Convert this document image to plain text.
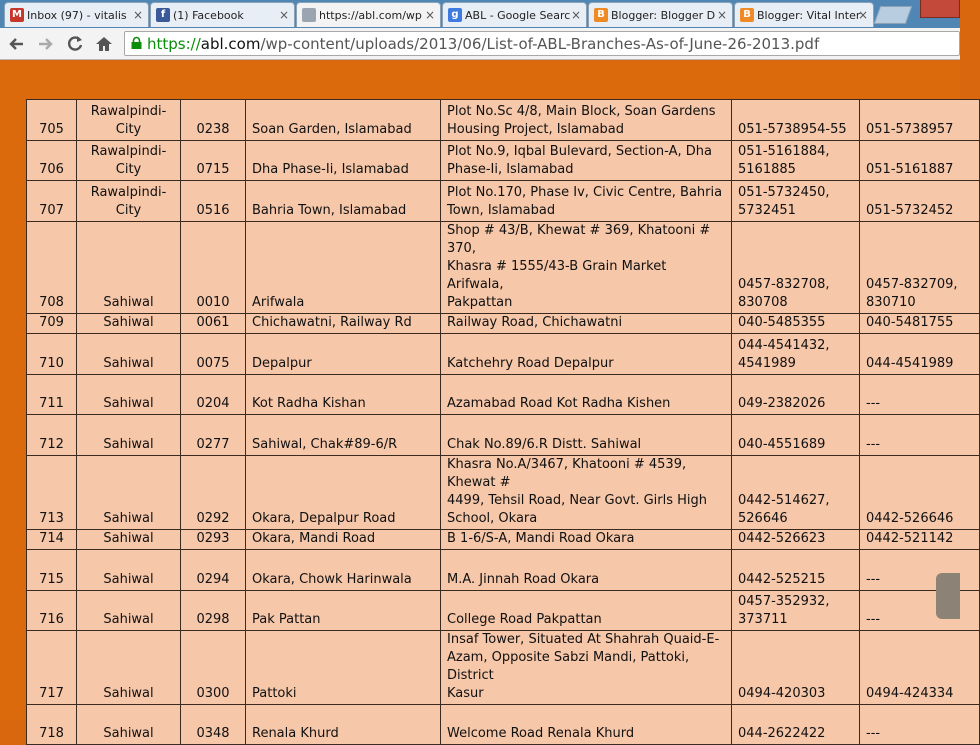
B Blogger: Vital Inter
×
B Blogger: Blogger D ×
g ABL - Google Searc ×
https://abl.com/wp ×
f (1) Facebook	×
M Inbox (97) - vitalis ×
https://abl.com/wp-content/uploads/2013/06/List-of-ABL-Branches-As-of-June-26-2013.pdf
705	Rawalpindi-
City	0238	Soan Garden, Islamabad	Plot No.Sc 4/8, Main Block, Soan Gardens
Housing Project, Islamabad	051-5738954-55	051-5738957
706	Rawalpindi-
City	0715	Dha Phase-Ii, Islamabad	Plot No.9, Iqbal Bulevard, Section-A, Dha
Phase-Ii, Islamabad	051-5161884,
5161885	051-5161887
707	Rawalpindi-
City	0516	Bahria Town, Islamabad	Plot No.170, Phase Iv, Civic Centre, Bahria
Town, Islamabad	051-5732450,
5732451	051-5732452
708	Sahiwal	0010	Arifwala	Shop # 43/B, Khewat # 369, Khatooni # 370,
Khasra # 1555/43-B Grain Market Arifwala,
Pakpattan	0457-832708,
830708	0457-832709,
830710
709	Sahiwal	0061	Chichawatni, Railway Rd	Railway Road, Chichawatni	040-5485355	040-5481755
710	Sahiwal	0075	Depalpur	Katchehry Road Depalpur	044-4541432,
4541989	044-4541989
711	Sahiwal	0204	Kot Radha Kishan	Azamabad Road Kot Radha Kishen	049-2382026	---
712	Sahiwal	0277	Sahiwal, Chak#89-6/R	Chak No.89/6.R Distt. Sahiwal	040-4551689	---
713	Sahiwal	0292	Okara, Depalpur Road	Khasra No.A/3467, Khatooni # 4539, Khewat #
4499, Tehsil Road, Near Govt. Girls High
School, Okara	0442-514627,
526646	0442-526646
714	Sahiwal	0293	Okara, Mandi Road	B 1-6/S-A, Mandi Road Okara	0442-526623	0442-521142
715	Sahiwal	0294	Okara, Chowk Harinwala	M.A. Jinnah Road Okara	0442-525215	---
716	Sahiwal	0298	Pak Pattan	College Road Pakpattan	0457-352932,
373711	---
717	Sahiwal	0300	Pattoki	Insaf Tower, Situated At Shahrah Quaid-E-
Azam, Opposite Sabzi Mandi, Pattoki, District
Kasur	0494-420303	0494-424334
718	Sahiwal	0348	Renala Khurd	Welcome Road Renala Khurd	044-2622422	---
